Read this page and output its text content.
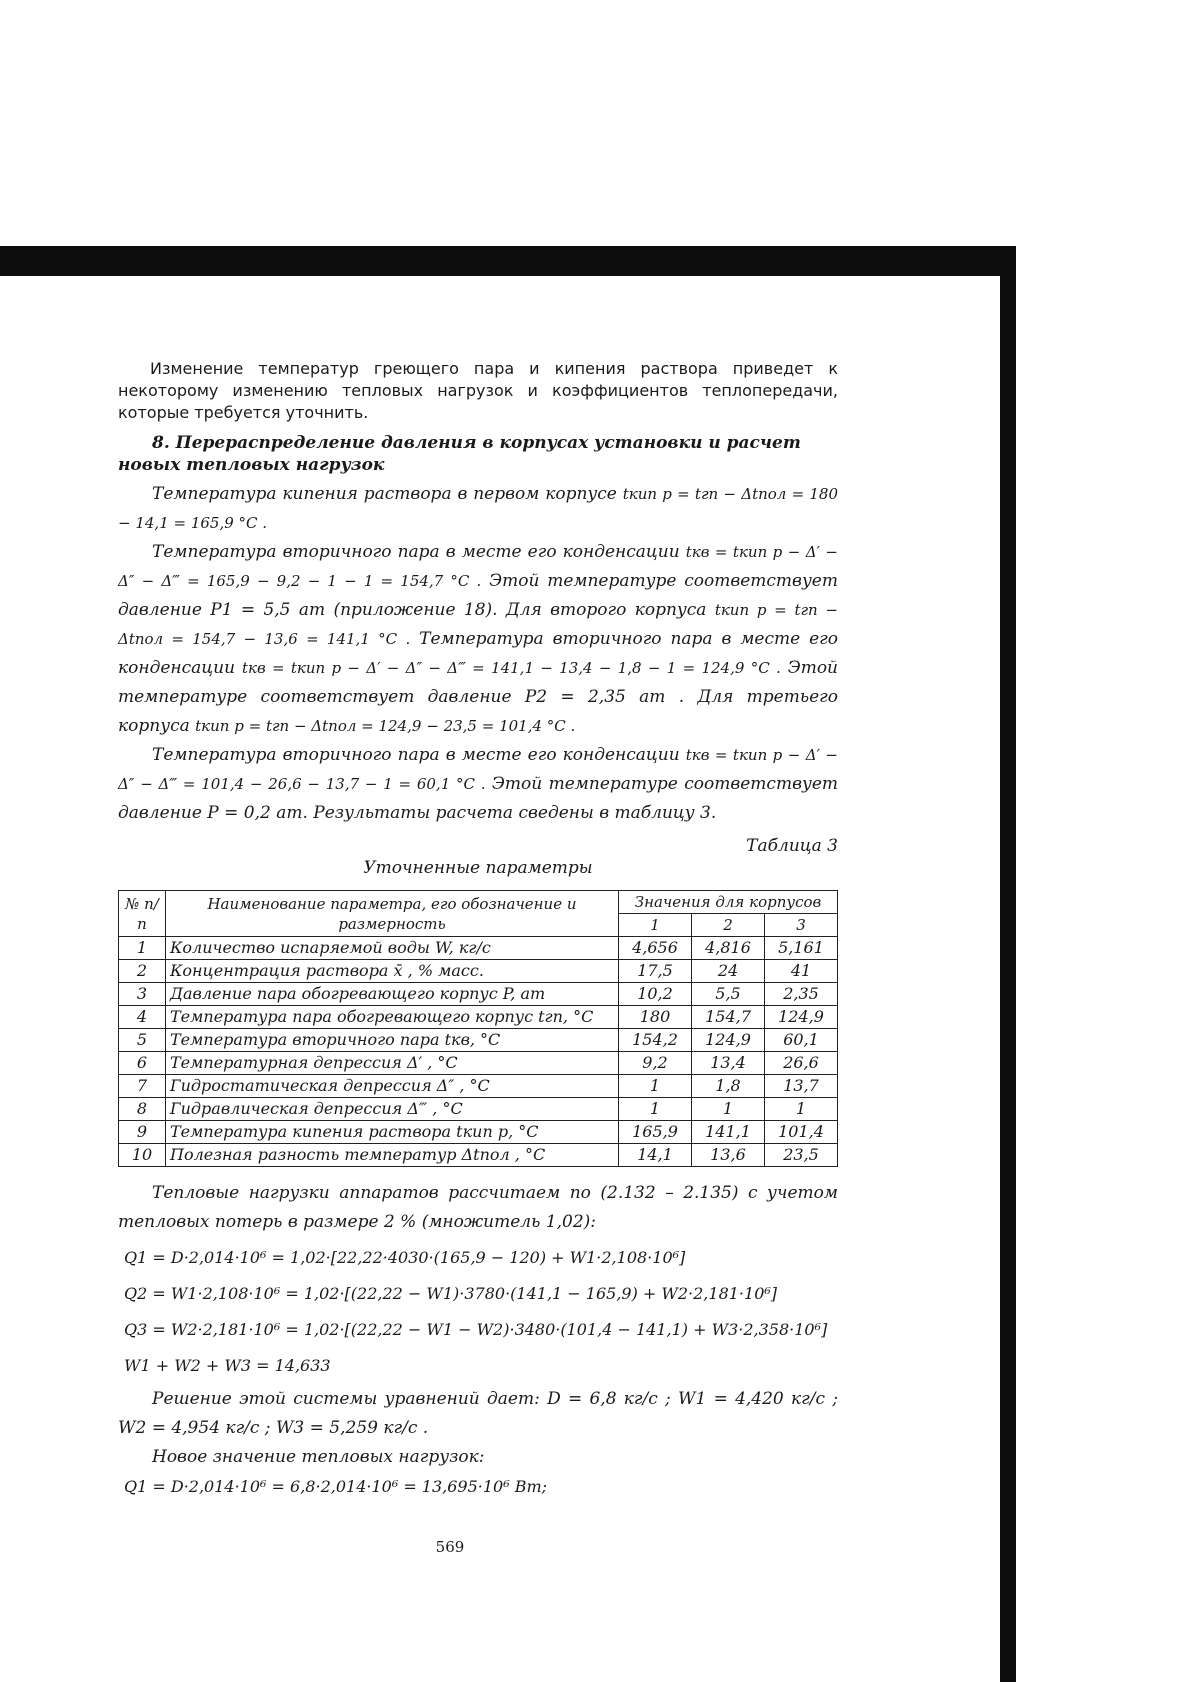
Изменение температур греющего пара и кипения раствора приведет к некоторому изменению тепловых нагрузок и коэффициентов теплопередачи, которые требуется уточнить.

8. Перераспределение давления в корпусах установки и расчет новых тепловых нагрузок

Температура кипения раствора в первом корпусе tкип р = tгп − Δtпол = 180 − 14,1 = 165,9 °C .

Температура вторичного пара в месте его конденсации tкв = tкип р − Δ′ − Δ″ − Δ‴ = 165,9 − 9,2 − 1 − 1 = 154,7 °C . Этой температуре соответствует давление P1 = 5,5 ат (приложение 18). Для второго корпуса tкип р = tгп − Δtпол = 154,7 − 13,6 = 141,1 °C . Температура вторичного пара в месте его конденсации tкв = tкип р − Δ′ − Δ″ − Δ‴ = 141,1 − 13,4 − 1,8 − 1 = 124,9 °C . Этой температуре соответствует давление P2 = 2,35 ат . Для третьего корпуса tкип р = tгп − Δtпол = 124,9 − 23,5 = 101,4 °C .

Температура вторичного пара в месте его конденсации tкв = tкип р − Δ′ − Δ″ − Δ‴ = 101,4 − 26,6 − 13,7 − 1 = 60,1 °C . Этой температуре соответствует давление P = 0,2 ат. Результаты расчета сведены в таблицу 3.

Таблица 3

Уточненные параметры

№ п/п	Наименование параметра, его обозначение и размерность	Значения для корпусов		
		1	2	3
1	Количество испаряемой воды W, кг/с	4,656	4,816	5,161
2	Концентрация раствора x̄ , % масс.	17,5	24	41
3	Давление пара обогревающего корпус P, ат	10,2	5,5	2,35
4	Температура пара обогревающего корпус tгп, °C	180	154,7	124,9
5	Температура вторичного пара tкв, °C	154,2	124,9	60,1
6	Температурная депрессия Δ′ , °C	9,2	13,4	26,6
7	Гидростатическая депрессия Δ″ , °C	1	1,8	13,7
8	Гидравлическая депрессия Δ‴ , °C	1	1	1
9	Температура кипения раствора tкип р, °C	165,9	141,1	101,4
10	Полезная разность температур Δtпол , °C	14,1	13,6	23,5

Тепловые нагрузки аппаратов рассчитаем по (2.132 – 2.135) с учетом тепловых потерь в размере 2 % (множитель 1,02):

Q1 = D·2,014·10⁶ = 1,02·[22,22·4030·(165,9 − 120) + W1·2,108·10⁶]
Q2 = W1·2,108·10⁶ = 1,02·[(22,22 − W1)·3780·(141,1 − 165,9) + W2·2,181·10⁶]
Q3 = W2·2,181·10⁶ = 1,02·[(22,22 − W1 − W2)·3480·(101,4 − 141,1) + W3·2,358·10⁶]
W1 + W2 + W3 = 14,633

Решение этой системы уравнений дает: D = 6,8 кг/с ; W1 = 4,420 кг/с ; W2 = 4,954 кг/с ; W3 = 5,259 кг/с .

Новое значение тепловых нагрузок:

Q1 = D·2,014·10⁶ = 6,8·2,014·10⁶ = 13,695·10⁶ Вт;
569
